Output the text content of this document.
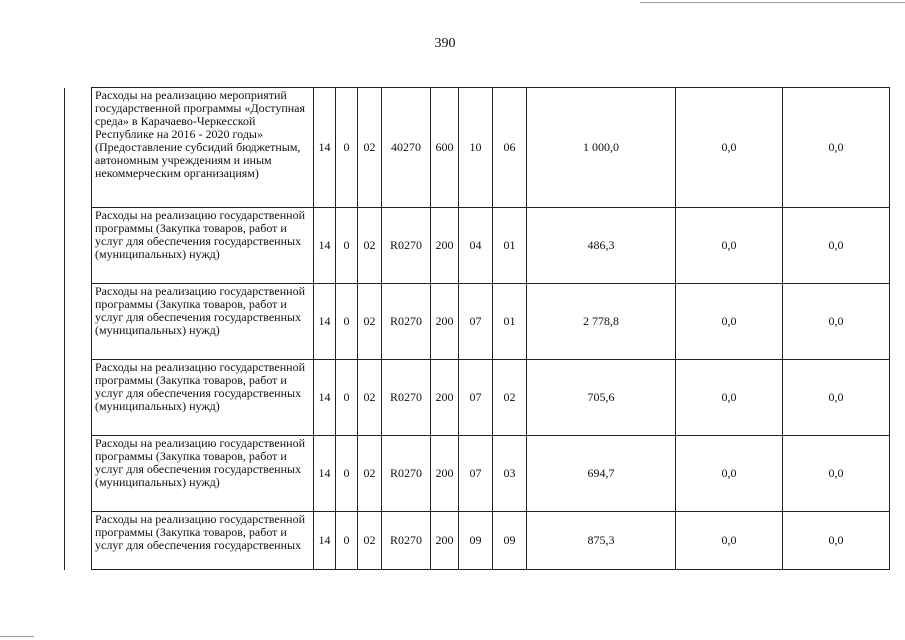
390
	Расходы на реализацию мероприятий государственной программы «Доступная среда» в Карачаево-Черкесской Республике на 2016 - 2020 годы» (Предоставление субсидий бюджетным, автономным учреждениям и иным некоммерческим организациям)	14	0	02	40270	600	10	06	1 000,0	0,0	0,0
	Расходы на реализацию государственной программы (Закупка товаров, работ и услуг для обеспечения государственных (муниципальных) нужд)	14	0	02	R0270	200	04	01	486,3	0,0	0,0
	Расходы на реализацию государственной программы (Закупка товаров, работ и услуг для обеспечения государственных (муниципальных) нужд)	14	0	02	R0270	200	07	01	2 778,8	0,0	0,0
	Расходы на реализацию государственной программы (Закупка товаров, работ и услуг для обеспечения государственных (муниципальных) нужд)	14	0	02	R0270	200	07	02	705,6	0,0	0,0
	Расходы на реализацию государственной программы (Закупка товаров, работ и услуг для обеспечения государственных (муниципальных) нужд)	14	0	02	R0270	200	07	03	694,7	0,0	0,0
	Расходы на реализацию государственной программы (Закупка товаров, работ и услуг для обеспечения государственных	14	0	02	R0270	200	09	09	875,3	0,0	0,0
